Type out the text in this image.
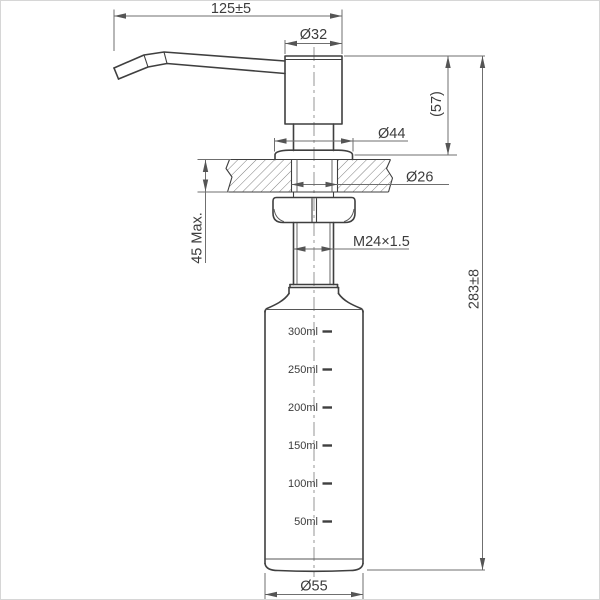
300ml
250ml
200ml
150ml
100ml
50ml
125±5
Ø32
(57)
Ø44
Ø26
45 Max.	M24×1.5
283±8
Ø55
